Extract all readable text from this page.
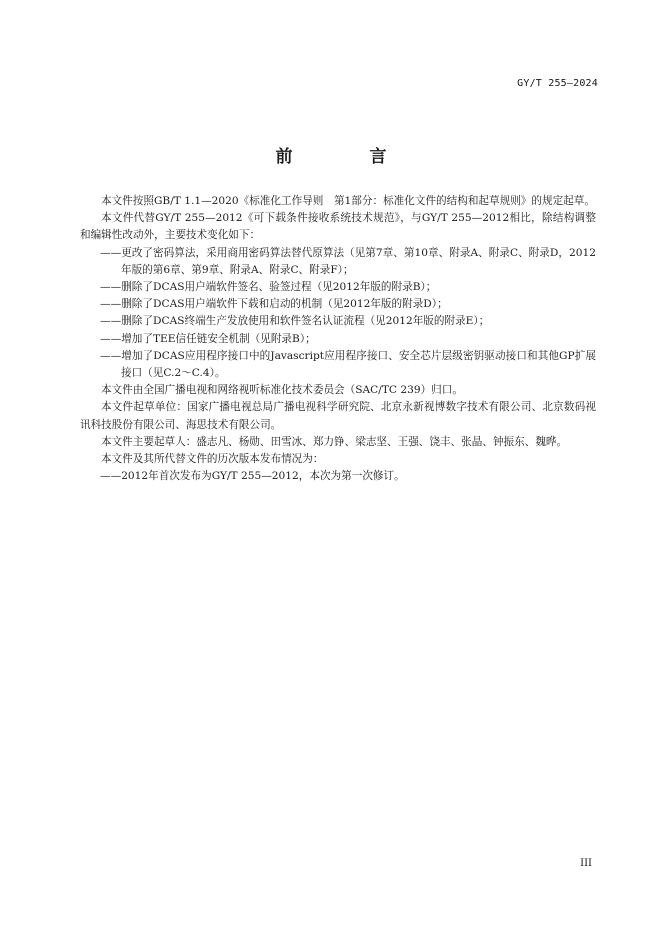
GY/T 255—2024
前　言

本文件按照GB/T 1.1—2020《标准化工作导则　第1部分：标准化文件的结构和起草规则》的规定起草。

本文件代替GY/T 255—2012《可下载条件接收系统技术规范》，与GY/T 255—2012相比，除结构调整和编辑性改动外，主要技术变化如下：

——更改了密码算法，采用商用密码算法替代原算法（见第7章、第10章、附录A、附录C、附录D，2012年版的第6章、第9章、附录A、附录C、附录F）；

——删除了DCAS用户端软件签名、验签过程（见2012年版的附录B）；

——删除了DCAS用户端软件下载和启动的机制（见2012年版的附录D）；

——删除了DCAS终端生产发放使用和软件签名认证流程（见2012年版的附录E）；

——增加了TEE信任链安全机制（见附录B）；

——增加了DCAS应用程序接口中的Javascript应用程序接口、安全芯片层级密钥驱动接口和其他GP扩展接口（见C.2～C.4）。

本文件由全国广播电视和网络视听标准化技术委员会（SAC/TC 239）归口。

本文件起草单位：国家广播电视总局广播电视科学研究院、北京永新视博数字技术有限公司、北京数码视讯科技股份有限公司、海思技术有限公司。

本文件主要起草人：盛志凡、杨勋、田雪冰、郑力铮、梁志坚、王强、饶丰、张晶、钟振东、魏晔。

本文件及其所代替文件的历次版本发布情况为：

——2012年首次发布为GY/T 255—2012，本次为第一次修订。

III
